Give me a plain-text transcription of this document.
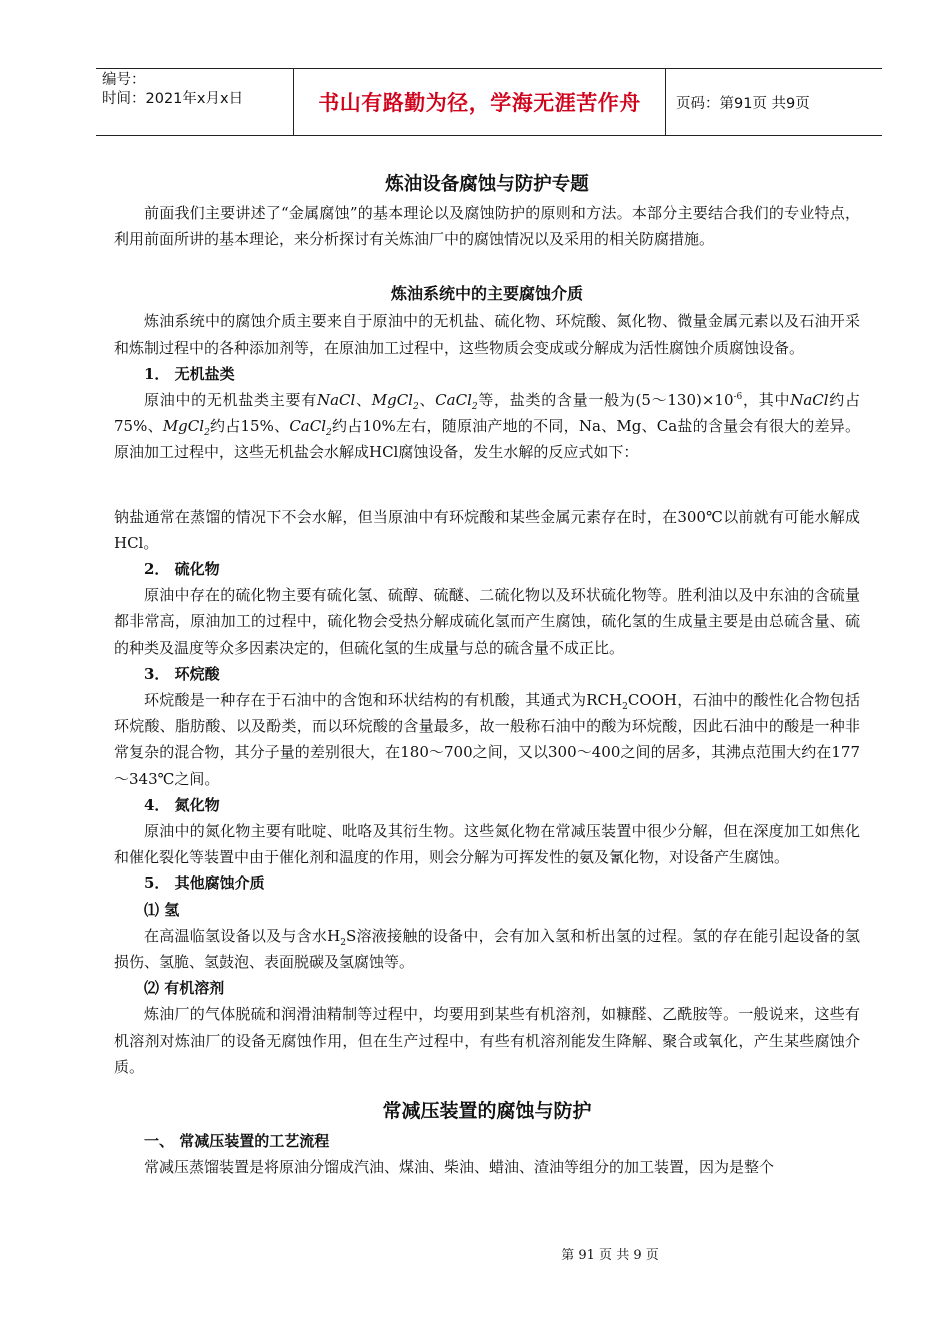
编号：
时间：2021年x月x日	书山有路勤为径，学海无涯苦作舟 页码：第91页 共9页
炼油设备腐蚀与防护专题

前面我们主要讲述了“金属腐蚀”的基本理论以及腐蚀防护的原则和方法。本部分主要结合我们的专业特点，利用前面所讲的基本理论，来分析探讨有关炼油厂中的腐蚀情况以及采用的相关防腐措施。

炼油系统中的主要腐蚀介质

炼油系统中的腐蚀介质主要来自于原油中的无机盐、硫化物、环烷酸、氮化物、微量金属元素以及石油开采和炼制过程中的各种添加剂等，在原油加工过程中，这些物质会变成或分解成为活性腐蚀介质腐蚀设备。

1． 无机盐类

原油中的无机盐类主要有NaCl、MgCl$_2$、CaCl$_2$等，盐类的含量一般为$(5\sim 130)\times 10^{-6}$，其中NaCl约占75%、MgCl$_2$约占15%、CaCl$_2$约占10%左右，随原油产地的不同，Na、Mg、Ca盐的含量会有很大的差异。原油加工过程中，这些无机盐会水解成HCl腐蚀设备，发生水解的反应式如下：

钠盐通常在蒸馏的情况下不会水解，但当原油中有环烷酸和某些金属元素存在时，在300℃以前就有可能水解成HCl。

2． 硫化物

原油中存在的硫化物主要有硫化氢、硫醇、硫醚、二硫化物以及环状硫化物等。胜利油以及中东油的含硫量都非常高，原油加工的过程中，硫化物会受热分解成硫化氢而产生腐蚀，硫化氢的生成量主要是由总硫含量、硫的种类及温度等众多因素决定的，但硫化氢的生成量与总的硫含量不成正比。

3． 环烷酸

环烷酸是一种存在于石油中的含饱和环状结构的有机酸，其通式为$RCH_2COOH$，石油中的酸性化合物包括环烷酸、脂肪酸、以及酚类，而以环烷酸的含量最多，故一般称石油中的酸为环烷酸，因此石油中的酸是一种非常复杂的混合物，其分子量的差别很大，在180～700之间，又以300～400之间的居多，其沸点范围大约在177～343℃之间。

4． 氮化物

原油中的氮化物主要有吡啶、吡咯及其衍生物。这些氮化物在常减压装置中很少分解，但在深度加工如焦化和催化裂化等装置中由于催化剂和温度的作用，则会分解为可挥发性的氨及氰化物，对设备产生腐蚀。

5． 其他腐蚀介质

⑴ 氢

在高温临氢设备以及与含水$H_2S$溶液接触的设备中，会有加入氢和析出氢的过程。氢的存在能引起设备的氢损伤、氢脆、氢鼓泡、表面脱碳及氢腐蚀等。

⑵ 有机溶剂

炼油厂的气体脱硫和润滑油精制等过程中，均要用到某些有机溶剂，如糠醛、乙酰胺等。一般说来，这些有机溶剂对炼油厂的设备无腐蚀作用，但在生产过程中，有些有机溶剂能发生降解、聚合或氧化，产生某些腐蚀介质。

常减压装置的腐蚀与防护

一、 常减压装置的工艺流程

常减压蒸馏装置是将原油分馏成汽油、煤油、柴油、蜡油、渣油等组分的加工装置，因为是整个

第 91 页 共 9 页
